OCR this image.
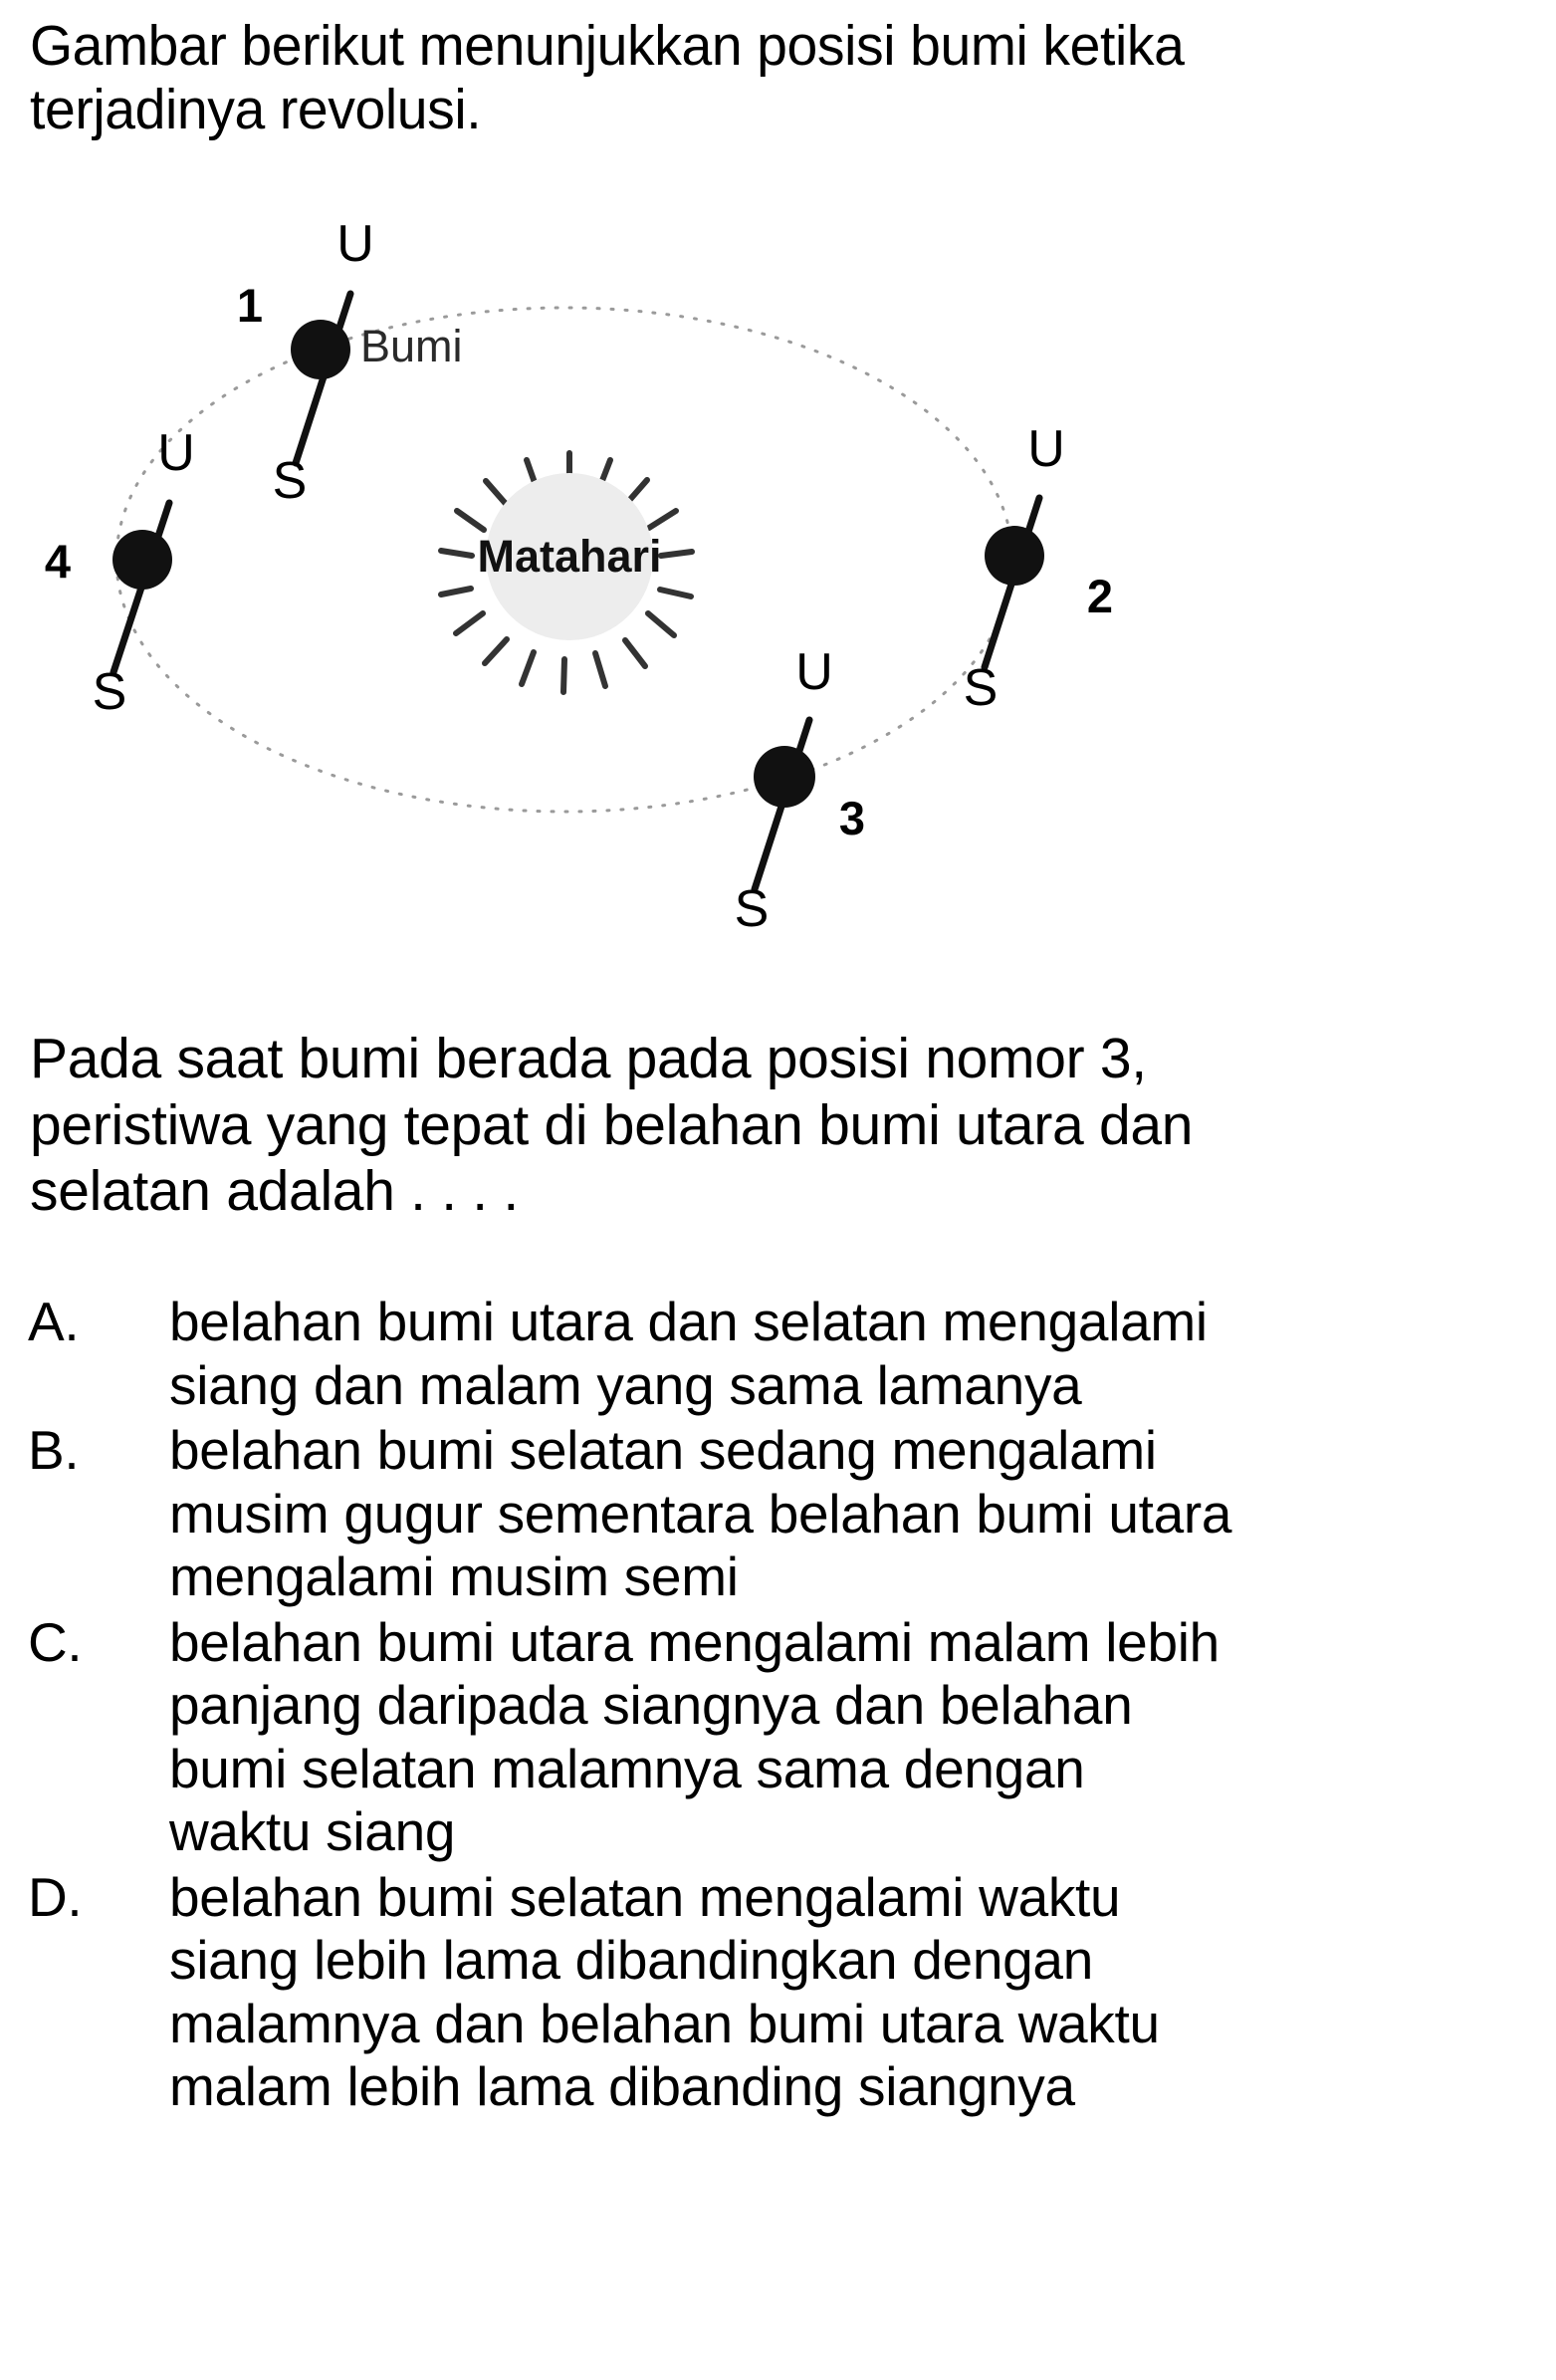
Gambar berikut menunjukkan posisi bumi ketika
terjadinya revolusi.
Matahari
U
S
1
Bumi
U
S
2
U
S
3
U
S
4
Pada saat bumi berada pada posisi nomor 3,
peristiwa yang tepat di belahan bumi utara dan
selatan adalah . . . .
A.	belahan bumi utara dan selatan mengalami
siang dan malam yang sama lamanya
B.	belahan bumi selatan sedang mengalami
musim gugur sementara belahan bumi utara
mengalami musim semi
C.	belahan bumi utara mengalami malam lebih
panjang daripada siangnya dan belahan
bumi selatan malamnya sama dengan
waktu siang
D.	belahan bumi selatan mengalami waktu
siang lebih lama dibandingkan dengan
malamnya dan belahan bumi utara waktu
malam lebih lama dibanding siangnya
